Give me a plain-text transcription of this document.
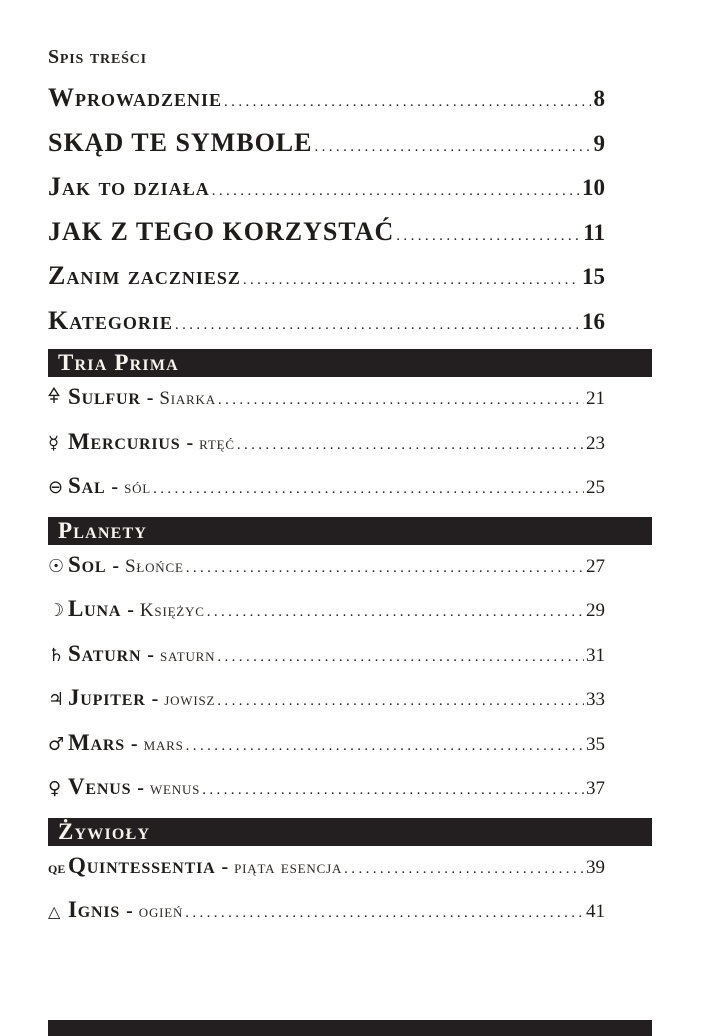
Spis treści
Wprowadzenie .....	8
SKĄD TE SYMBOLE .....	9
Jak to działa .....	10
JAK Z TEGO KORZYSTAĆ .....	11
Zanim zaczniesz .....	15
Kategorie .....	16
Tria Prima
Sulfur - Siarka .....	21
☿ Mercurius - rtęć .....	23
⊖ Sal - sól .....	25
Planety
☉ Sol - Słońce .....	27
☽ Luna - Księżyc .....	29
♄ Saturn - saturn .....	31
♃ Jupiter - jowisz .....	33
♂ Mars - mars .....	35
♀ Venus - wenus .....	37
Żywioły
QE Quintessentia - piąta esencja .....	39
△ Ignis - ogień .....	41
